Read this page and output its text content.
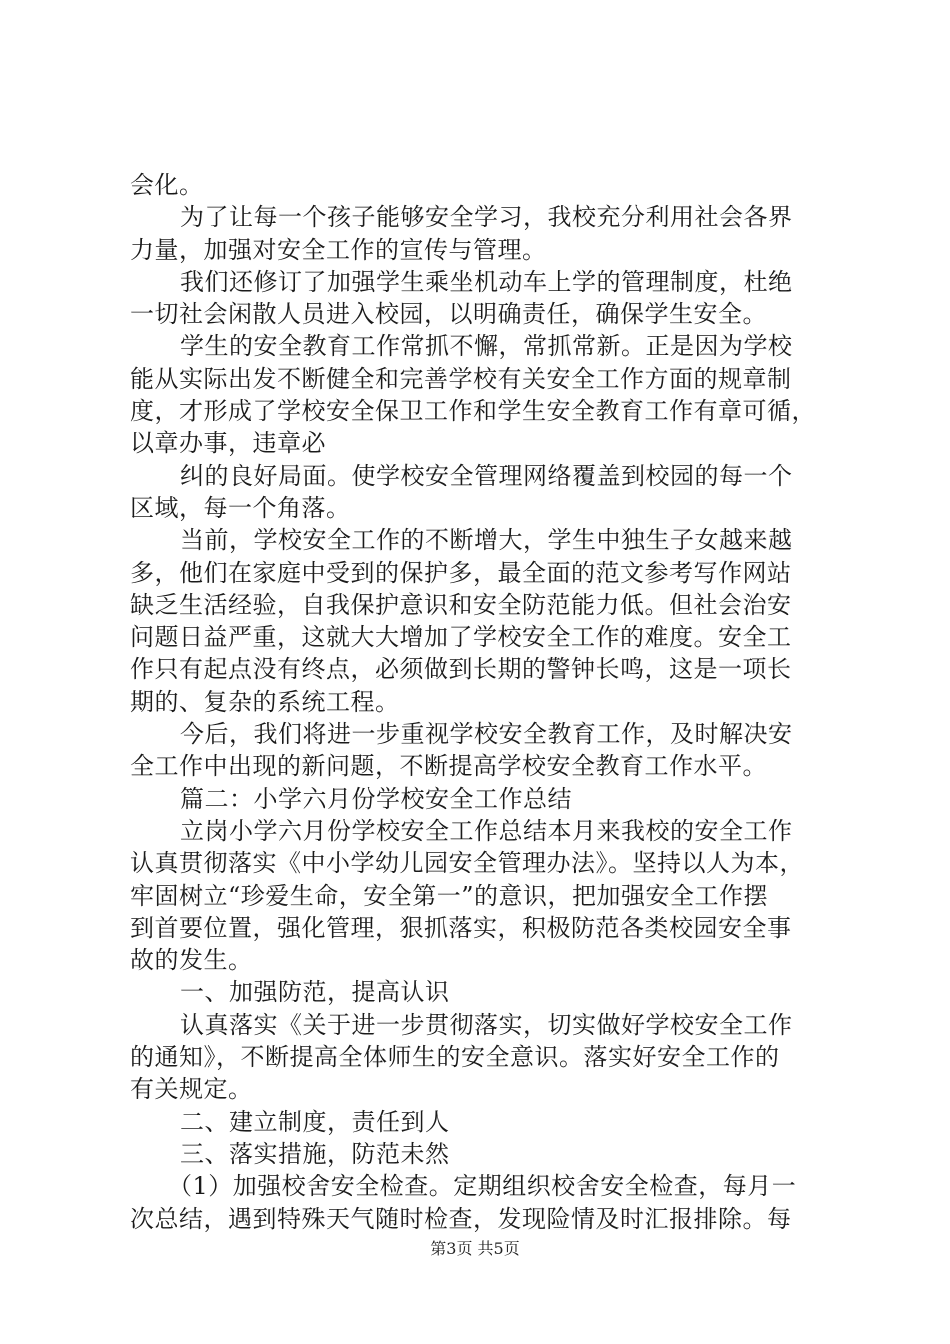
会化。
为了让每一个孩子能够安全学习，我校充分利用社会各界
力量，加强对安全工作的宣传与管理。
我们还修订了加强学生乘坐机动车上学的管理制度，杜绝
一切社会闲散人员进入校园，以明确责任，确保学生安全。
学生的安全教育工作常抓不懈，常抓常新。正是因为学校
能从实际出发不断健全和完善学校有关安全工作方面的规章制
度，才形成了学校安全保卫工作和学生安全教育工作有章可循，
以章办事，违章必
纠的良好局面。使学校安全管理网络覆盖到校园的每一个
区域，每一个角落。
当前，学校安全工作的不断增大，学生中独生子女越来越
多，他们在家庭中受到的保护多，最全面的范文参考写作网站
缺乏生活经验，自我保护意识和安全防范能力低。但社会治安
问题日益严重，这就大大增加了学校安全工作的难度。安全工
作只有起点没有终点，必须做到长期的警钟长鸣，这是一项长
期的、复杂的系统工程。
今后，我们将进一步重视学校安全教育工作，及时解决安
全工作中出现的新问题，不断提高学校安全教育工作水平。
篇二：小学六月份学校安全工作总结
立岗小学六月份学校安全工作总结本月来我校的安全工作
认真贯彻落实《中小学幼儿园安全管理办法》。坚持以人为本，
牢固树立“珍爱生命，安全第一”的意识，把加强安全工作摆
到首要位置，强化管理，狠抓落实，积极防范各类校园安全事
故的发生。
一、加强防范，提高认识
认真落实《关于进一步贯彻落实，切实做好学校安全工作
的通知》，不断提高全体师生的安全意识。落实好安全工作的
有关规定。
二、建立制度，责任到人
三、落实措施，防范未然
（1）加强校舍安全检查。定期组织校舍安全检查，每月一
次总结，遇到特殊天气随时检查，发现险情及时汇报排除。每
第3页 共5页
